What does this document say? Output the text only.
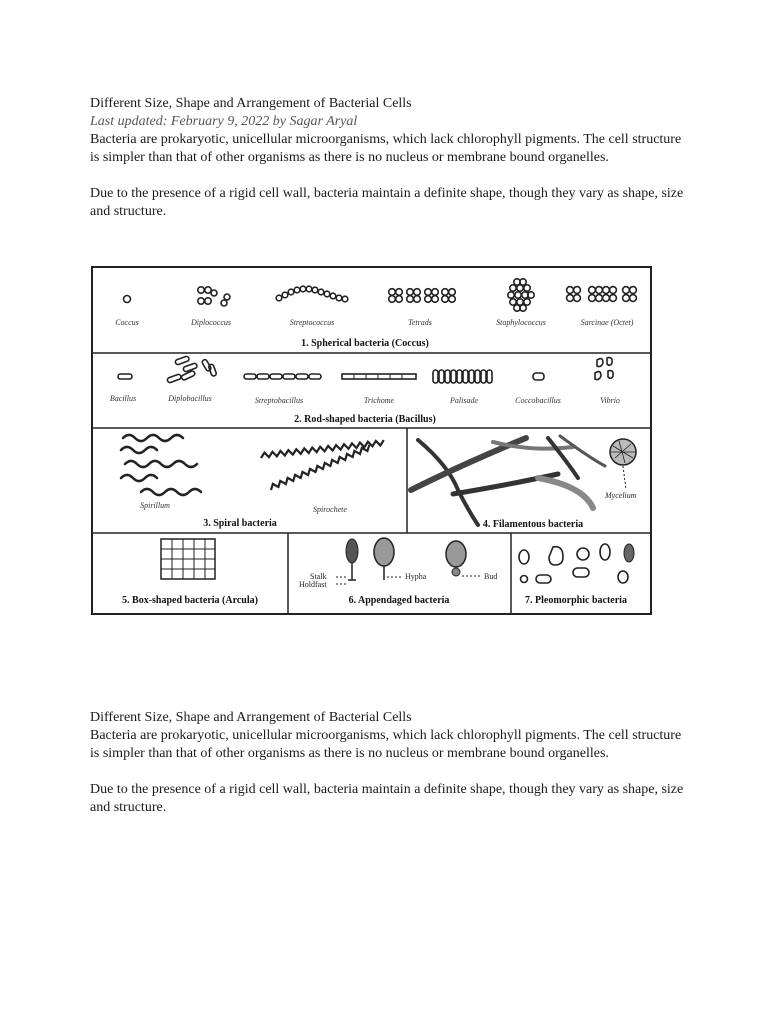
Different Size, Shape and Arrangement of Bacterial Cells

Last updated: February 9, 2022 by Sagar Aryal

Bacteria are prokaryotic, unicellular microorganisms, which lack chlorophyll pigments. The cell structure is simpler than that of other organisms as there is no nucleus or membrane bound organelles.

Due to the presence of a rigid cell wall, bacteria maintain a definite shape, though they vary as shape, size and structure.

Coccus	Diplococcus	Streptococcus	Tetrads	Staphylococcus	Sarcinae (Octet)
1. Spherical bacteria (Coccus)
Bacillus	Diplobacillus	Streptobacillus	Trichome	Palisade	Coccobacillus	Vibrio
2. Rod-shaped bacteria (Bacillus)
Spirillum	Spirochete
3. Spiral bacteria
Mycelium
4. Filamentous bacteria
5. Box-shaped bacteria (Arcula)
Stalk
Holdfast
Hypha	Bud
6. Appendaged bacteria	7. Pleomorphic bacteria

Different Size, Shape and Arrangement of Bacterial Cells

Bacteria are prokaryotic, unicellular microorganisms, which lack chlorophyll pigments. The cell structure is simpler than that of other organisms as there is no nucleus or membrane bound organelles.

Due to the presence of a rigid cell wall, bacteria maintain a definite shape, though they vary as shape, size and structure.
